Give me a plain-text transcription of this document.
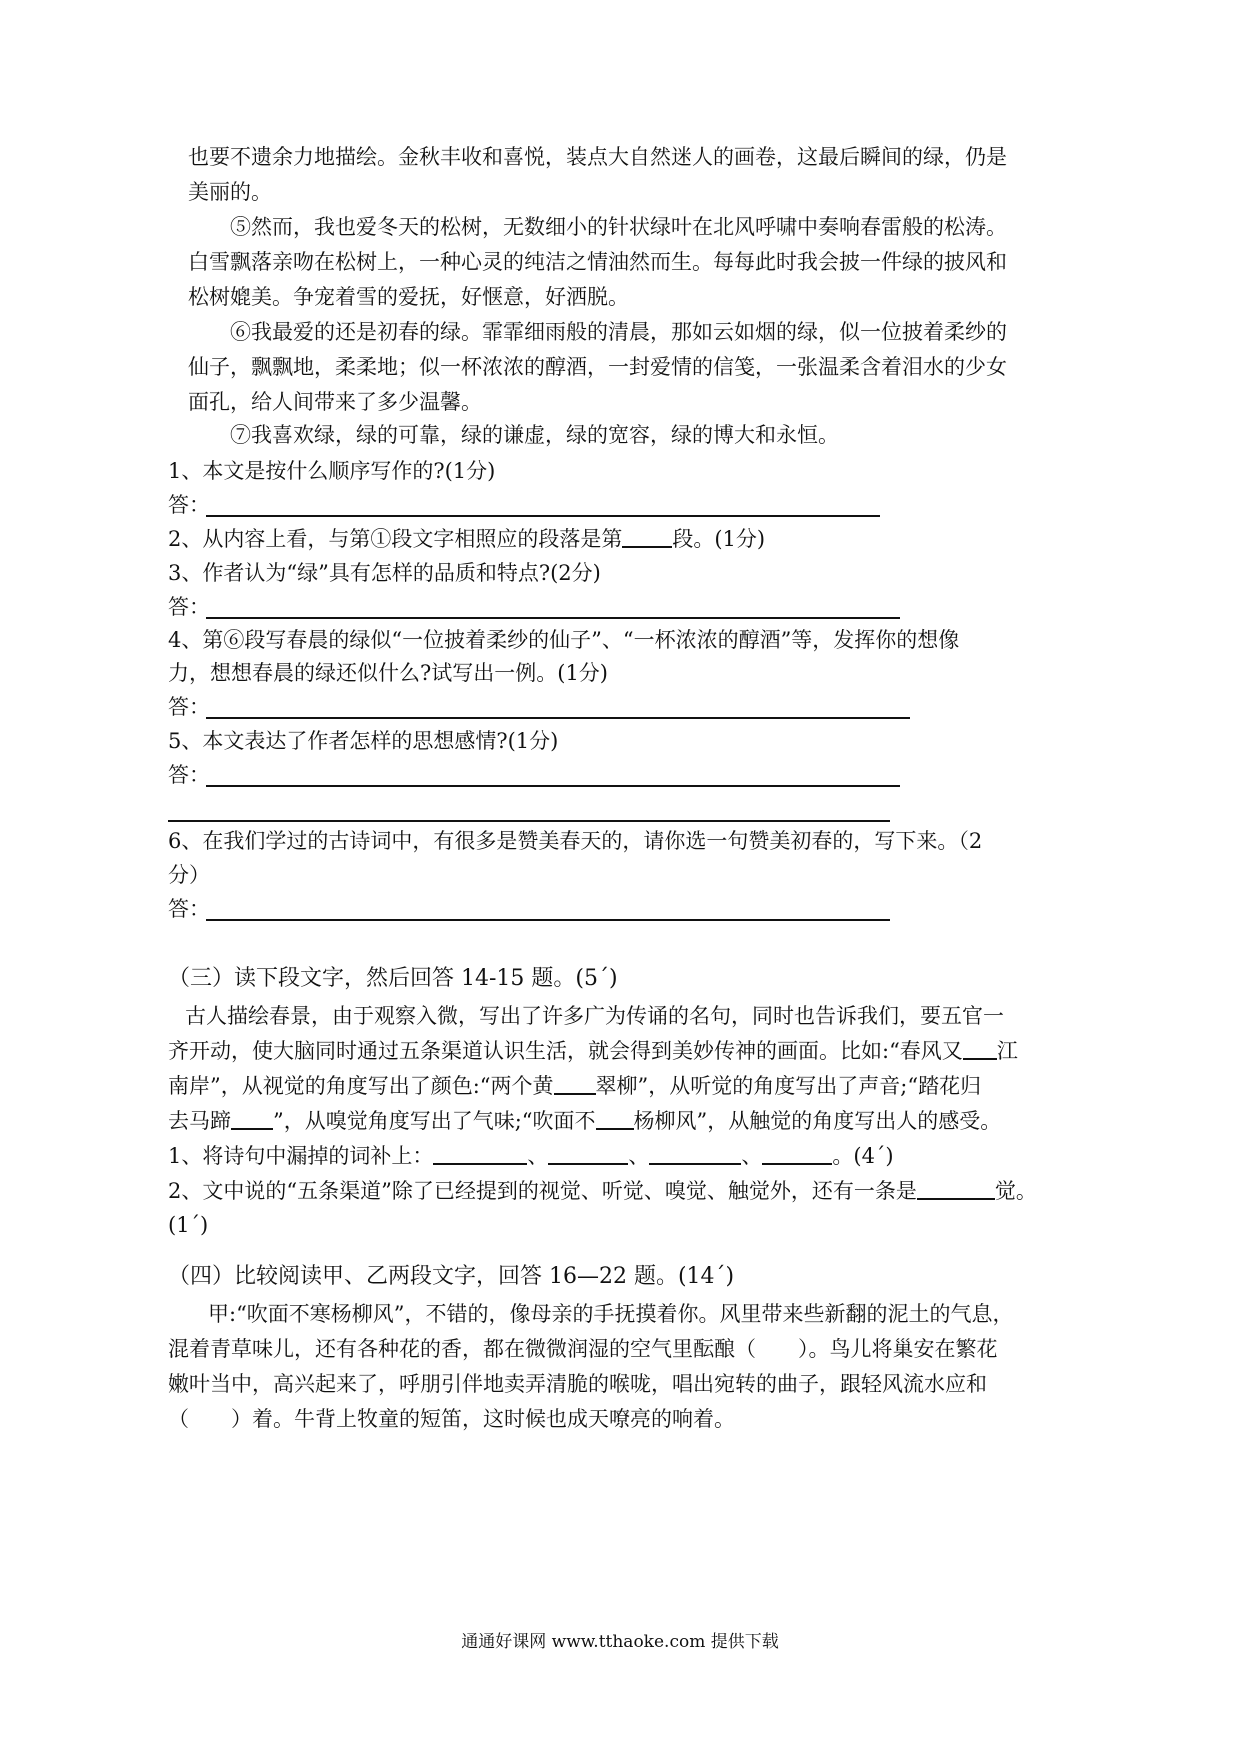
也要不遗余力地描绘。金秋丰收和喜悦，装点大自然迷人的画卷，这最后瞬间的绿，仍是
美丽的。
⑤然而，我也爱冬天的松树，无数细小的针状绿叶在北风呼啸中奏响春雷般的松涛。
白雪飘落亲吻在松树上，一种心灵的纯洁之情油然而生。每每此时我会披一件绿的披风和
松树媲美。争宠着雪的爱抚，好惬意，好洒脱。
⑥我最爱的还是初春的绿。霏霏细雨般的清晨，那如云如烟的绿，似一位披着柔纱的
仙子，飘飘地，柔柔地；似一杯浓浓的醇酒，一封爱情的信笺，一张温柔含着泪水的少女
面孔，给人间带来了多少温馨。
⑦我喜欢绿，绿的可靠，绿的谦虚，绿的宽容，绿的博大和永恒。
1、本文是按什么顺序写作的?(1分)
答：
2、从内容上看，与第①段文字相照应的段落是第 段。(1分)
3、作者认为“绿”具有怎样的品质和特点?(2分)
答：
4、第⑥段写春晨的绿似“一位披着柔纱的仙子”、“一杯浓浓的醇酒”等，发挥你的想像
力，想想春晨的绿还似什么?试写出一例。(1分)
答：
5、本文表达了作者怎样的思想感情?(1分)
答：
6、在我们学过的古诗词中，有很多是赞美春天的，请你选一句赞美初春的，写下来。（2
分）
答：
（三）读下段文字，然后回答 14-15 题。(5´)
古人描绘春景，由于观察入微，写出了许多广为传诵的名句，同时也告诉我们，要五官一
齐开动，使大脑同时通过五条渠道认识生活，就会得到美妙传神的画面。比如:“春风又 江
南岸”，从视觉的角度写出了颜色:“两个黄 翠柳”，从听觉的角度写出了声音;“踏花归
去马蹄 ”，从嗅觉角度写出了气味;“吹面不 杨柳风”，从触觉的角度写出人的感受。
1、将诗句中漏掉的词补上：	、	、	、	。(4´)
2、文中说的“五条渠道”除了已经提到的视觉、听觉、嗅觉、触觉外，还有一条是	觉。
(1´)
（四）比较阅读甲、乙两段文字，回答 16—22 题。(14´)
甲:“吹面不寒杨柳风”，不错的，像母亲的手抚摸着你。风里带来些新翻的泥土的气息，
混着青草味儿，还有各种花的香，都在微微润湿的空气里酝酿（　　）。鸟儿将巢安在繁花
嫩叶当中，高兴起来了，呼朋引伴地卖弄清脆的喉咙，唱出宛转的曲子，跟轻风流水应和
（　　）着。牛背上牧童的短笛，这时候也成天嘹亮的响着。
通通好课网 www.tthaoke.com 提供下载
